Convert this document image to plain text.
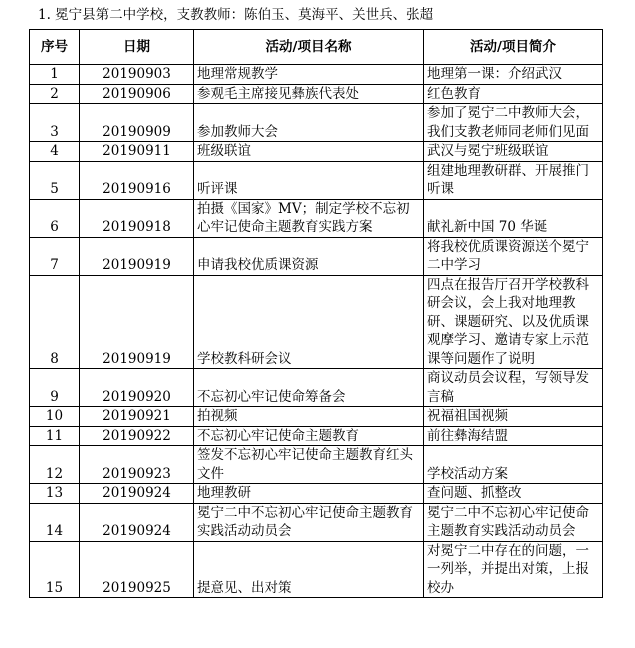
1. 冕宁县第二中学校，支教教师：陈伯玉、莫海平、关世兵、张超
序号	日期	活动/项目名称	活动/项目简介
1	20190903	地理常规教学	地理第一课：介绍武汉
2	20190906	参观毛主席接见彝族代表处	红色教育
3	20190909	参加教师大会	参加了冕宁二中教师大会，我们支教老师同老师们见面
4	20190911	班级联谊	武汉与冕宁班级联谊
5	20190916	听评课	组建地理教研群、开展推门听课
6	20190918	拍摄《国家》MV；制定学校不忘初心牢记使命主题教育实践方案	献礼新中国 70 华诞
7	20190919	申请我校优质课资源	将我校优质课资源送个冕宁二中学习
8	20190919	学校教科研会议	四点在报告厅召开学校教科研会议，会上我对地理教研、课题研究、以及优质课观摩学习、邀请专家上示范课等问题作了说明
9	20190920	不忘初心牢记使命筹备会	商议动员会议程，写领导发言稿
10	20190921	拍视频	祝福祖国视频
11	20190922	不忘初心牢记使命主题教育	前往彝海结盟
12	20190923	签发不忘初心牢记使命主题教育红头文件	学校活动方案
13	20190924	地理教研	查问题、抓整改
14	20190924	冕宁二中不忘初心牢记使命主题教育实践活动动员会	冕宁二中不忘初心牢记使命主题教育实践活动动员会
15	20190925	提意见、出对策	对冕宁二中存在的问题，一一列举，并提出对策，上报校办
